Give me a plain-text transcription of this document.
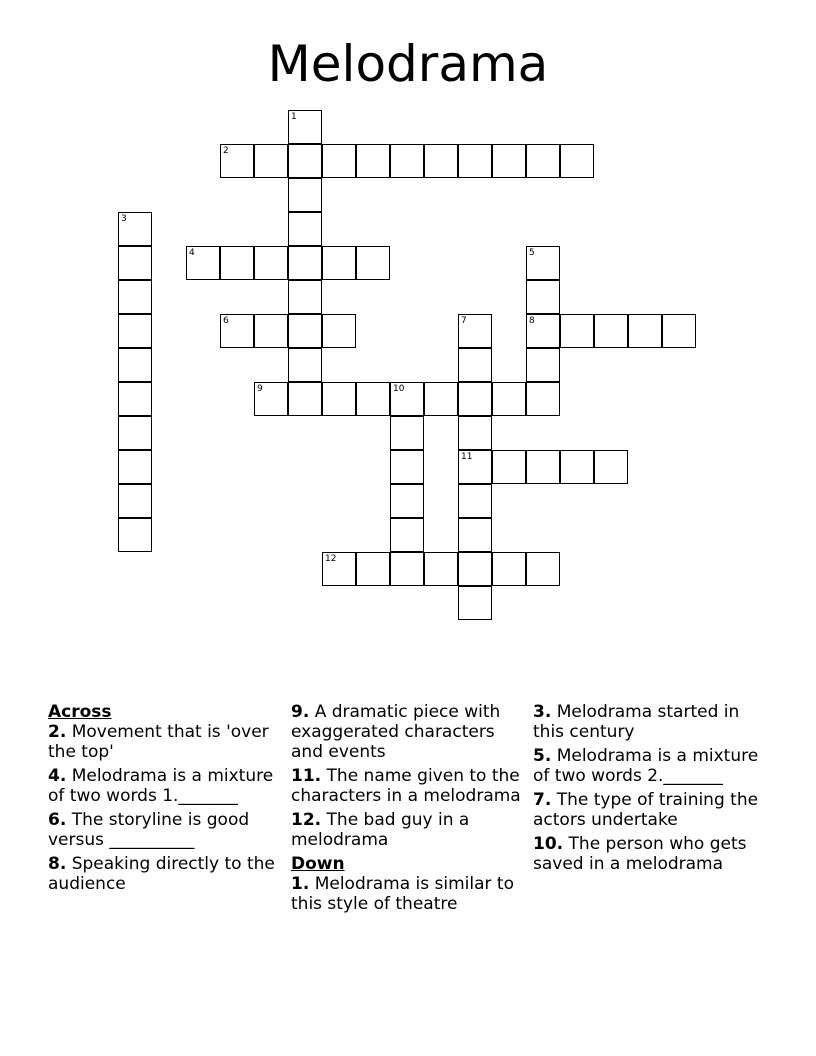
Melodrama
1
2
3
4	5
6	7	8
9	10
11
12
Across
2. Movement that is 'over the top'
4. Melodrama is a mixture of two words 1._______
6. The storyline is good versus __________
8. Speaking directly to the audience
9. A dramatic piece with exaggerated characters and events
11. The name given to the characters in a melodrama
12. The bad guy in a melodrama
Down
1. Melodrama is similar to this style of theatre
3. Melodrama started in this century
5. Melodrama is a mixture of two words 2._______
7. The type of training the actors undertake
10. The person who gets saved in a melodrama
